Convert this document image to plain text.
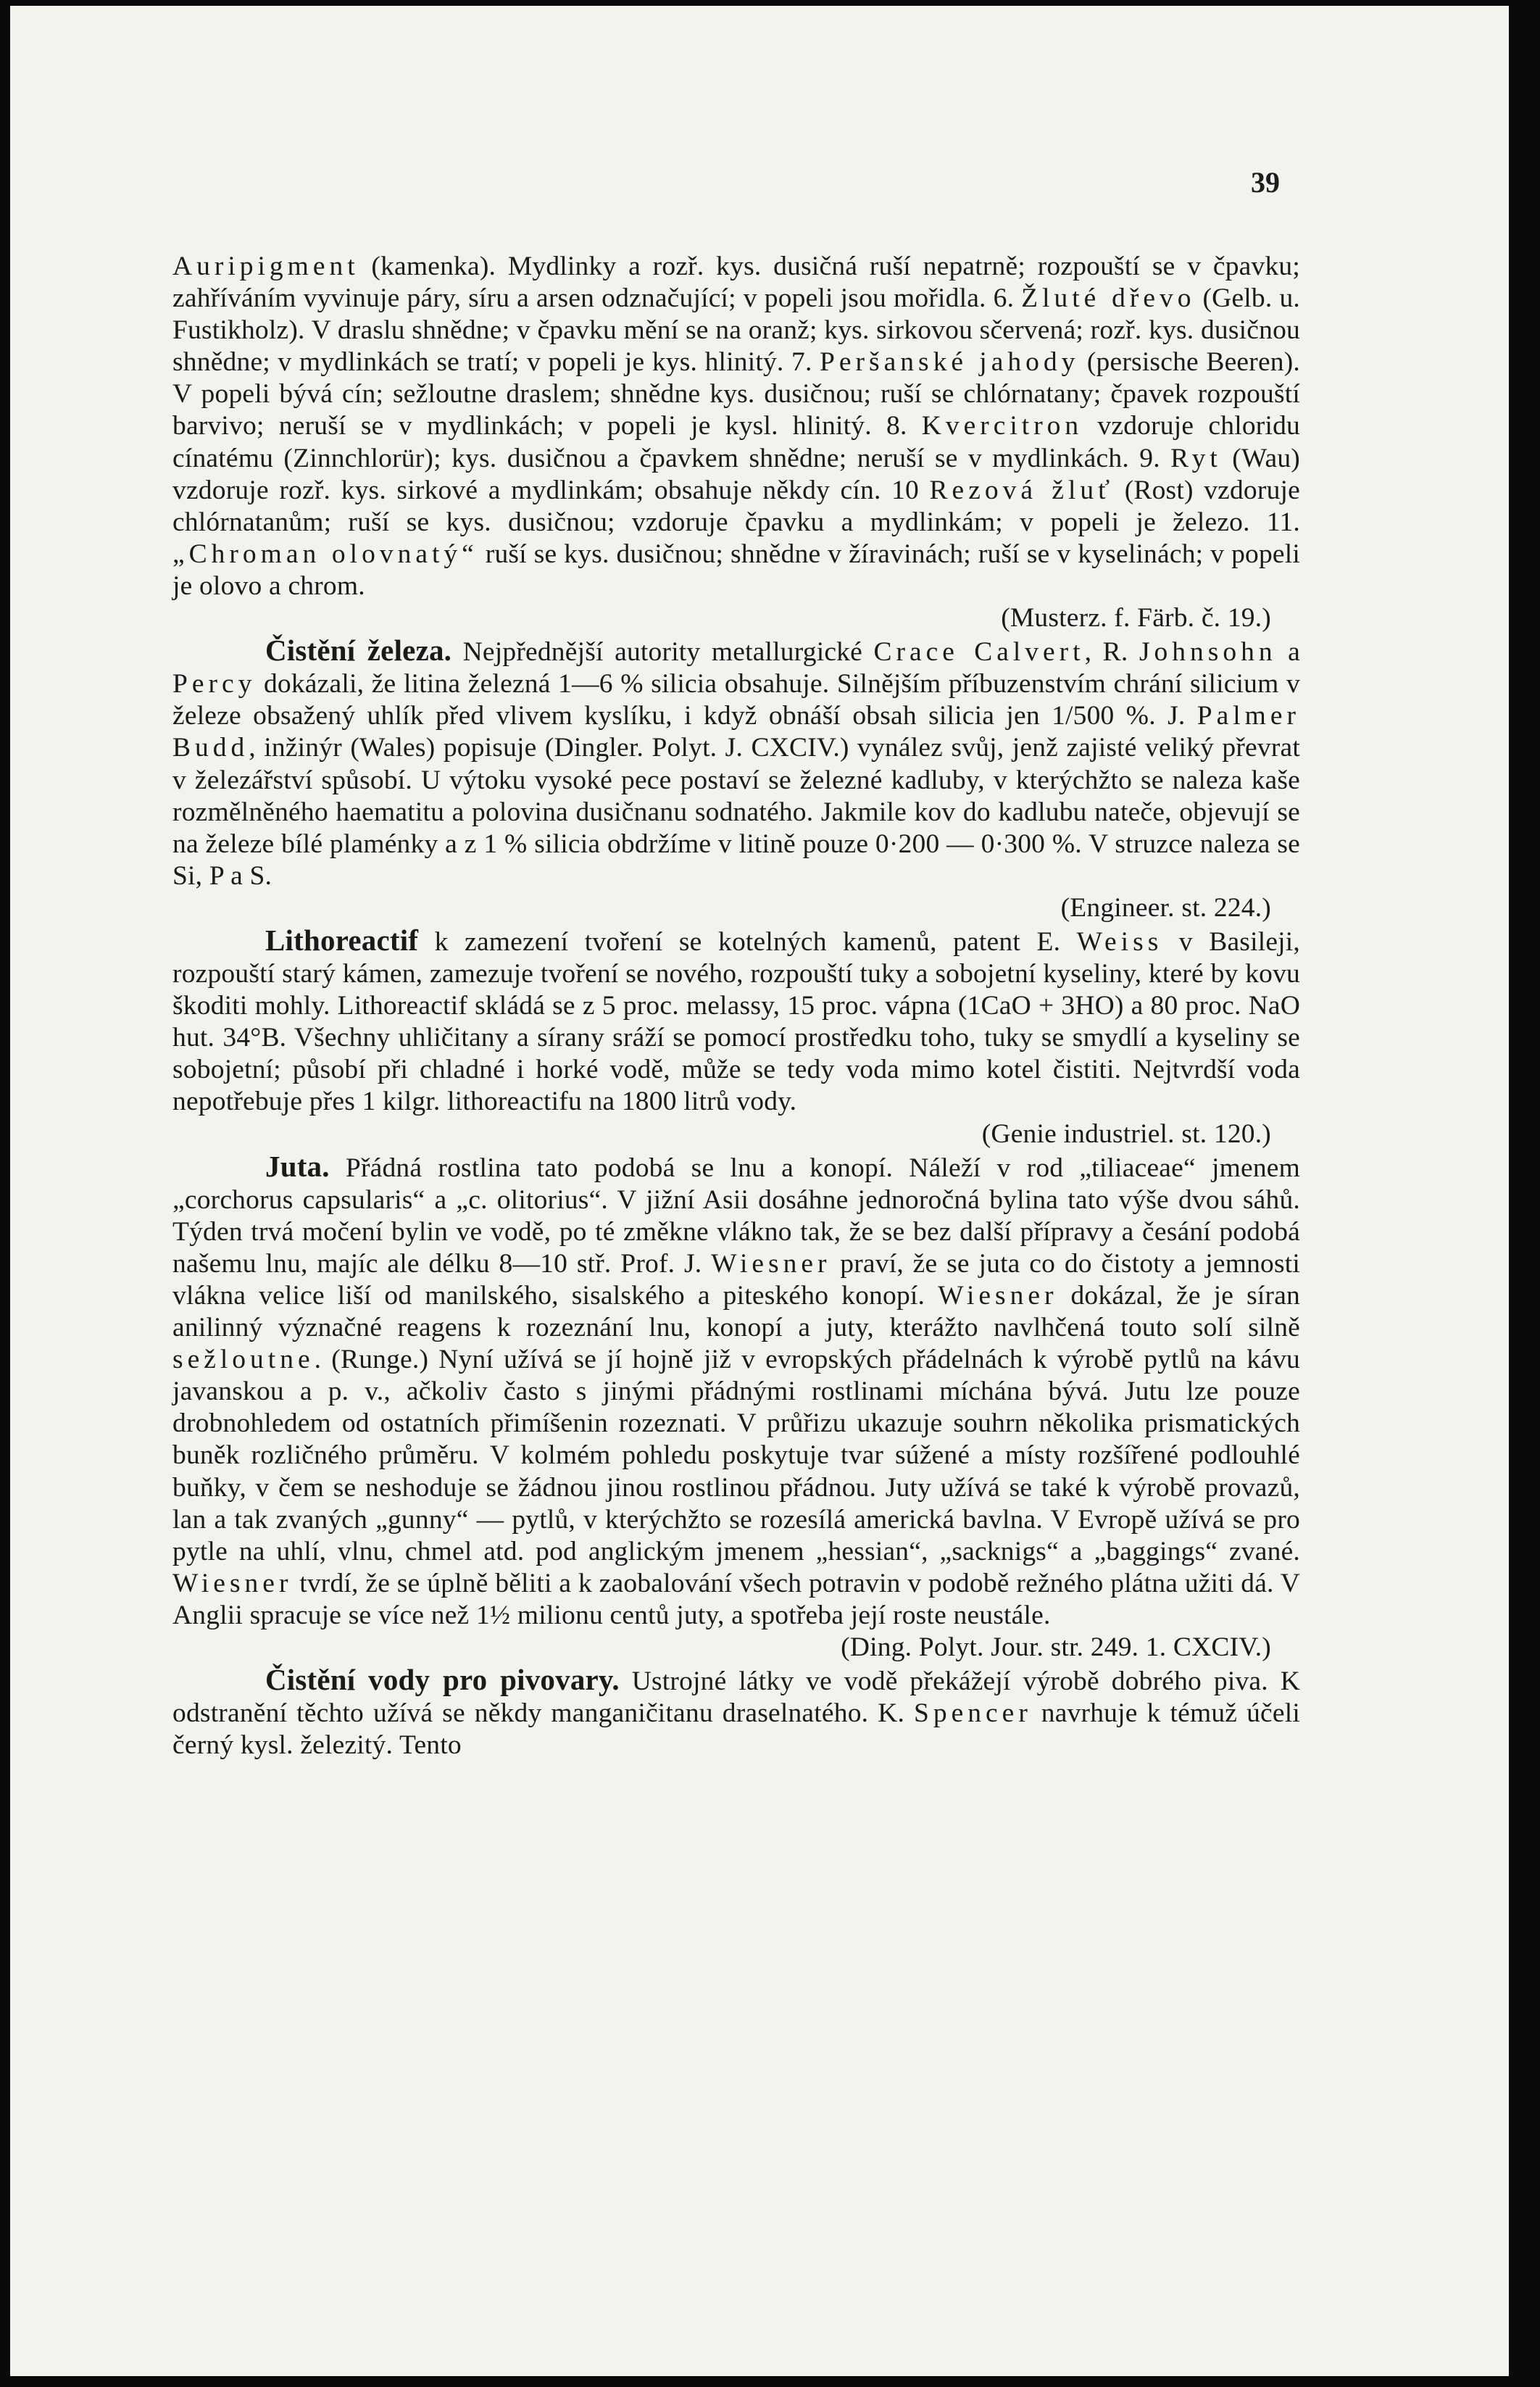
39
Auripigment (kamenka). Mydlinky a rozř. kys. dusičná ruší nepatrně; rozpouští se v čpavku; zahříváním vyvinuje páry, síru a arsen odznačující; v popeli jsou mořidla. 6. Žluté dřevo (Gelb. u. Fustikholz). V draslu shnědne; v čpavku mění se na oranž; kys. sirkovou sčervená; rozř. kys. dusičnou shnědne; v mydlinkách se tratí; v popeli je kys. hlinitý. 7. Peršanské jahody (persische Beeren). V popeli bývá cín; sežloutne draslem; shnědne kys. dusičnou; ruší se chlórnatany; čpavek rozpouští barvivo; neruší se v mydlinkách; v popeli je kysl. hlinitý. 8. Kvercitron vzdoruje chloridu cínatému (Zinnchlorür); kys. dusičnou a čpavkem shnědne; neruší se v mydlinkách. 9. Ryt (Wau) vzdoruje rozř. kys. sirkové a mydlinkám; obsahuje někdy cín. 10 Rezová žluť (Rost) vzdoruje chlórnatanům; ruší se kys. dusičnou; vzdoruje čpavku a mydlinkám; v popeli je železo. 11. „Chroman olovnatý“ ruší se kys. dusičnou; shnědne v žíravinách; ruší se v kyselinách; v popeli je olovo a chrom.
(Musterz. f. Färb. č. 19.)
Čistění železa. Nejpřednější autority metallurgické Crace Calvert, R. Johnsohn a Percy dokázali, že litina železná 1—6 % silicia obsahuje. Silnějším příbuzenstvím chrání silicium v železe obsažený uhlík před vlivem kyslíku, i když obnáší obsah silicia jen 1/500 %. J. Palmer Budd, inžinýr (Wales) popisuje (Dingler. Polyt. J. CXCIV.) vynález svůj, jenž zajisté veliký převrat v železářství spůsobí. U výtoku vysoké pece postaví se železné kadluby, v kterýchžto se naleza kaše rozmělněného haematitu a polovina dusičnanu sodnatého. Jakmile kov do kadlubu nateče, objevují se na železe bílé plaménky a z 1 % silicia obdržíme v litině pouze 0·200 — 0·300 %. V struzce naleza se Si, P a S.
(Engineer. st. 224.)
Lithoreactif k zamezení tvoření se kotelných kamenů, patent E. Weiss v Basileji, rozpouští starý kámen, zamezuje tvoření se nového, rozpouští tuky a sobojetní kyseliny, které by kovu škoditi mohly. Lithoreactif skládá se z 5 proc. melassy, 15 proc. vápna (1CaO + 3HO) a 80 proc. NaO hut. 34°B. Všechny uhličitany a sírany sráží se pomocí prostředku toho, tuky se smydlí a kyseliny se sobojetní; působí při chladné i horké vodě, může se tedy voda mimo kotel čistiti. Nejtvrdší voda nepotřebuje přes 1 kilgr. lithoreactifu na 1800 litrů vody.
(Genie industriel. st. 120.)
Juta. Přádná rostlina tato podobá se lnu a konopí. Náleží v rod „tiliaceae“ jmenem „corchorus capsularis“ a „c. olitorius“. V jižní Asii dosáhne jednoročná bylina tato výše dvou sáhů. Týden trvá močení bylin ve vodě, po té změkne vlákno tak, že se bez další přípravy a česání podobá našemu lnu, majíc ale délku 8—10 stř. Prof. J. Wiesner praví, že se juta co do čistoty a jemnosti vlákna velice liší od manilského, sisalského a piteského konopí. Wiesner dokázal, že je síran anilinný význačné reagens k rozeznání lnu, konopí a juty, kterážto navlhčená touto solí silně sežloutne. (Runge.) Nyní užívá se jí hojně již v evropských přádelnách k výrobě pytlů na kávu javanskou a p. v., ačkoliv často s jinými přádnými rostlinami míchána bývá. Jutu lze pouze drobnohledem od ostatních přimíšenin rozeznati. V průřizu ukazuje souhrn několika prismatických buněk rozličného průměru. V kolmém pohledu poskytuje tvar súžené a místy rozšířené podlouhlé buňky, v čem se neshoduje se žádnou jinou rostlinou přádnou. Juty užívá se také k výrobě provazů, lan a tak zvaných „gunny“ — pytlů, v kterýchžto se rozesílá americká bavlna. V Evropě užívá se pro pytle na uhlí, vlnu, chmel atd. pod anglickým jmenem „hessian“, „sacknigs“ a „baggings“ zvané. Wiesner tvrdí, že se úplně běliti a k zaobalování všech potravin v podobě režného plátna užiti dá. V Anglii spracuje se více než 1½ milionu centů juty, a spotřeba její roste neustále.
(Ding. Polyt. Jour. str. 249. 1. CXCIV.)
Čistění vody pro pivovary. Ustrojné látky ve vodě překážejí výrobě dobrého piva. K odstranění těchto užívá se někdy manganičitanu draselnatého. K. Spencer navrhuje k témuž účeli černý kysl. železitý. Tento
